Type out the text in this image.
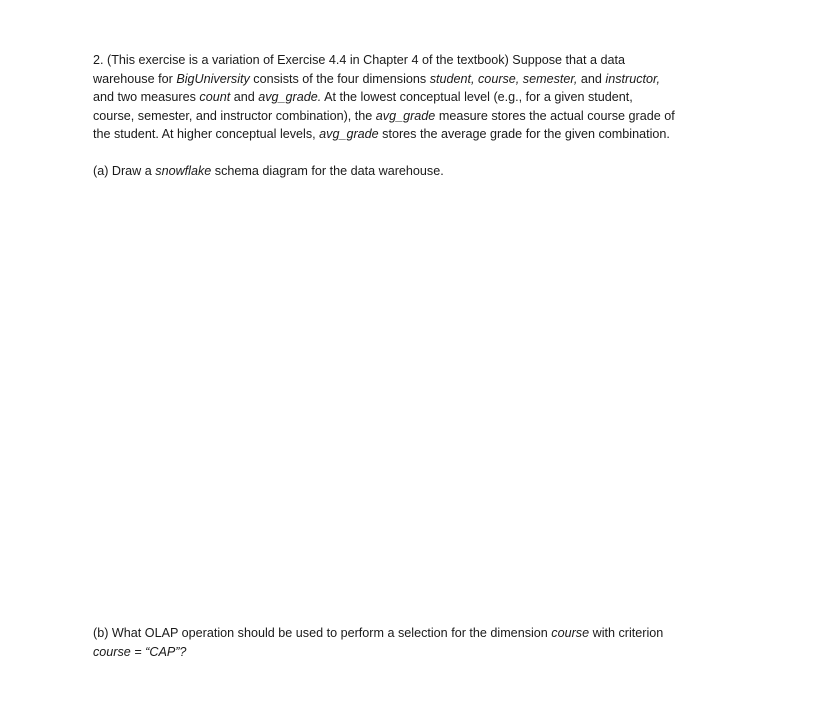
2. (This exercise is a variation of Exercise 4.4 in Chapter 4 of the textbook) Suppose that a data
warehouse for BigUniversity consists of the four dimensions student, course, semester, and instructor,
and two measures count and avg_grade. At the lowest conceptual level (e.g., for a given student,
course, semester, and instructor combination), the avg_grade measure stores the actual course grade of
the student. At higher conceptual levels, avg_grade stores the average grade for the given combination.
(a) Draw a snowflake schema diagram for the data warehouse.
(b) What OLAP operation should be used to perform a selection for the dimension course with criterion
course = “CAP”?
